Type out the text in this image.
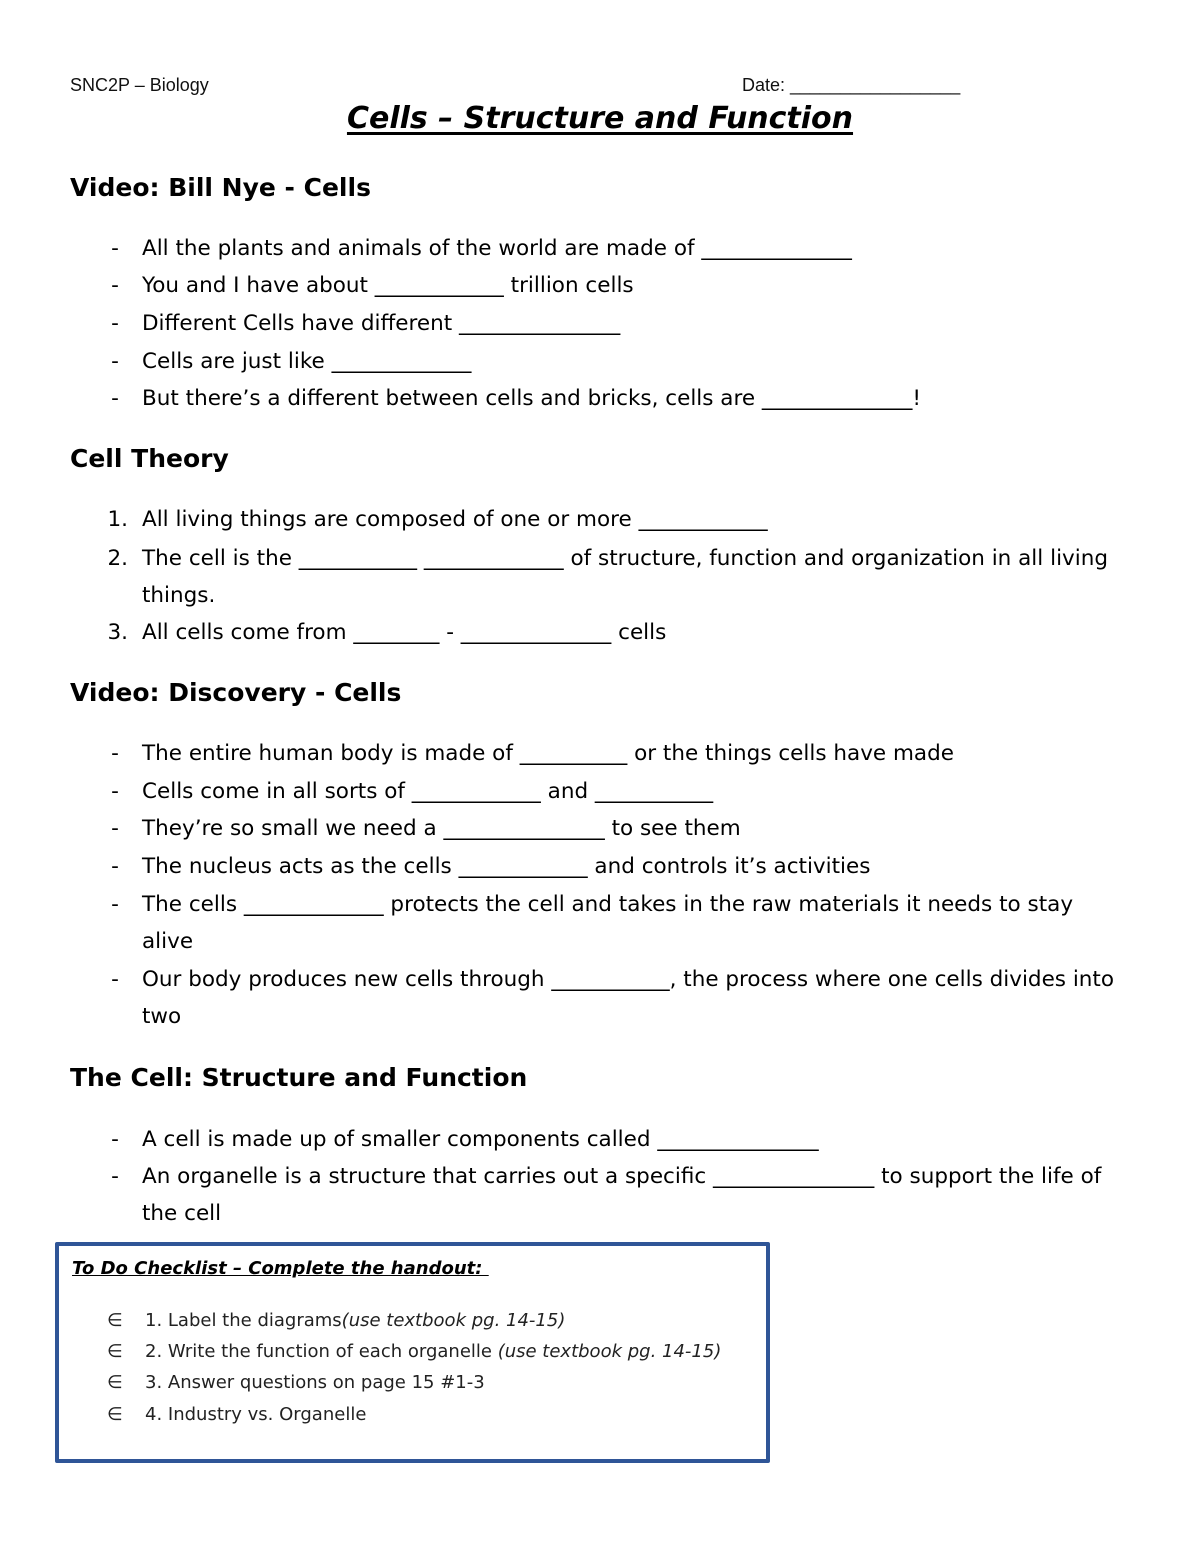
SNC2P – Biology	Date: _________________
Cells – Structure and Function
Video: Bill Nye - Cells
-	All the plants and animals of the world are made of ______________
-	You and I have about ____________ trillion cells
-	Different Cells have different _______________
-	Cells are just like _____________
-	But there’s a different between cells and bricks, cells are ______________!
Cell Theory
1. All living things are composed of one or more ____________
2. The cell is the ___________ _____________ of structure, function and organization in all living things.
3. All cells come from ________ - ______________ cells
Video: Discovery - Cells
-	The entire human body is made of __________ or the things cells have made
-	Cells come in all sorts of ____________ and ___________
-	They’re so small we need a _______________ to see them
-	The nucleus acts as the cells ____________ and controls it’s activities
-	The cells _____________ protects the cell and takes in the raw materials it needs to stay alive
-	Our body produces new cells through ___________, the process where one cells divides into two
The Cell: Structure and Function
-	A cell is made up of smaller components called _______________
-	An organelle is a structure that carries out a specific _______________ to support the life of the cell
To Do Checklist – Complete the handout:
∈ 1. Label the diagrams(use textbook pg. 14-15)
∈ 2. Write the function of each organelle (use textbook pg. 14-15)
∈ 3. Answer questions on page 15 #1-3
∈ 4. Industry vs. Organelle
